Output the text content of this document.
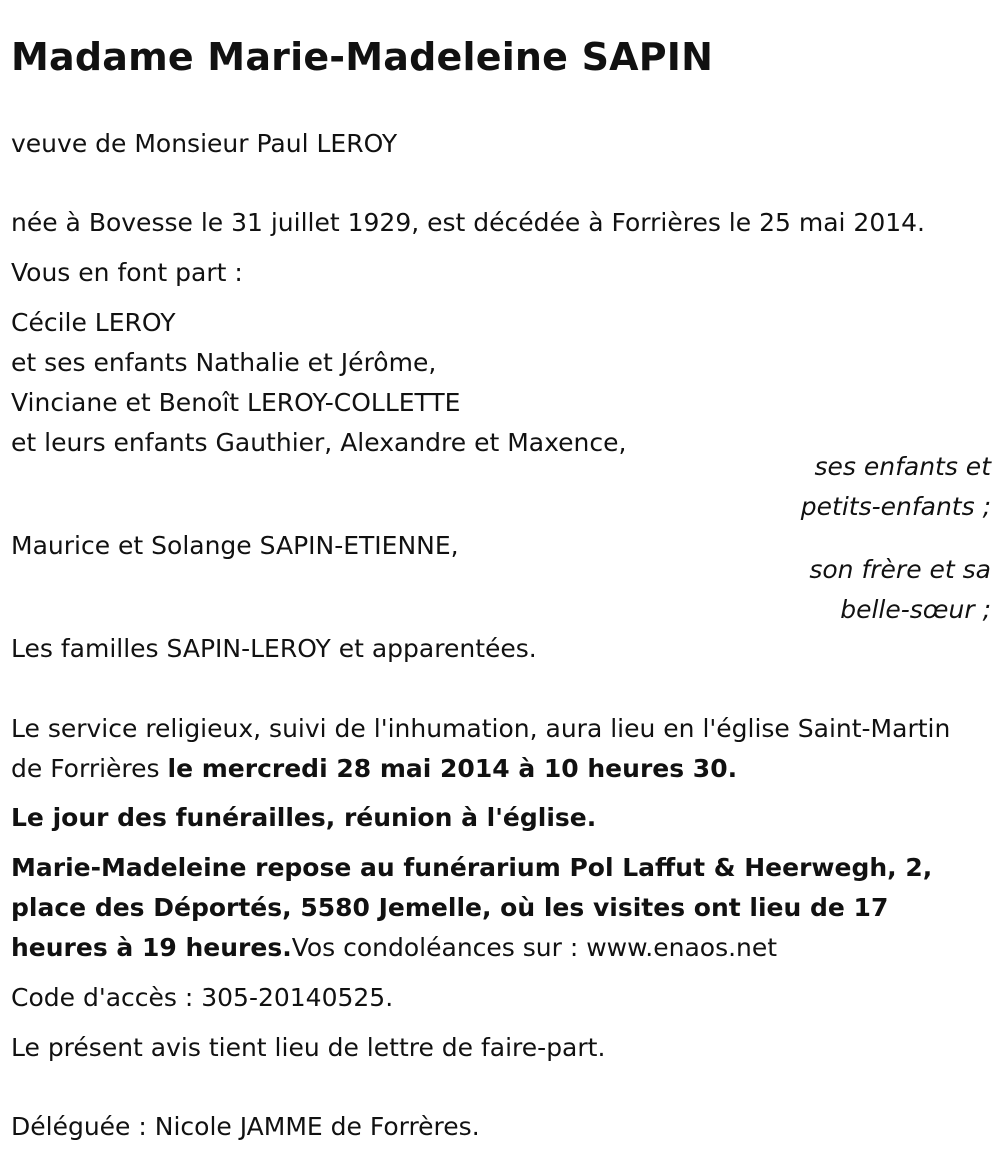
Madame Marie-Madeleine SAPIN
veuve de Monsieur Paul LEROY
née à Bovesse le 31 juillet 1929, est décédée à Forrières le 25 mai 2014.
Vous en font part :
Cécile LEROY
et ses enfants Nathalie et Jérôme,
Vinciane et Benoît LEROY-COLLETTE
et leurs enfants Gauthier, Alexandre et Maxence,
ses enfants et
petits-enfants ;
Maurice et Solange SAPIN-ETIENNE,
son frère et sa
belle-sœur ;
Les familles SAPIN-LEROY et apparentées.

Le service religieux, suivi de l'inhumation, aura lieu en l'église Saint-Martin de Forrières le mercredi 28 mai 2014 à 10 heures 30.

Le jour des funérailles, réunion à l'église.

Marie-Madeleine repose au funérarium Pol Laffut & Heerwegh, 2, place des Déportés, 5580 Jemelle, où les visites ont lieu de 17 heures à 19 heures.Vos condoléances sur : www.enaos.net

Code d'accès : 305-20140525.
Le présent avis tient lieu de lettre de faire-part.
Déléguée : Nicole JAMME de Forrères.
